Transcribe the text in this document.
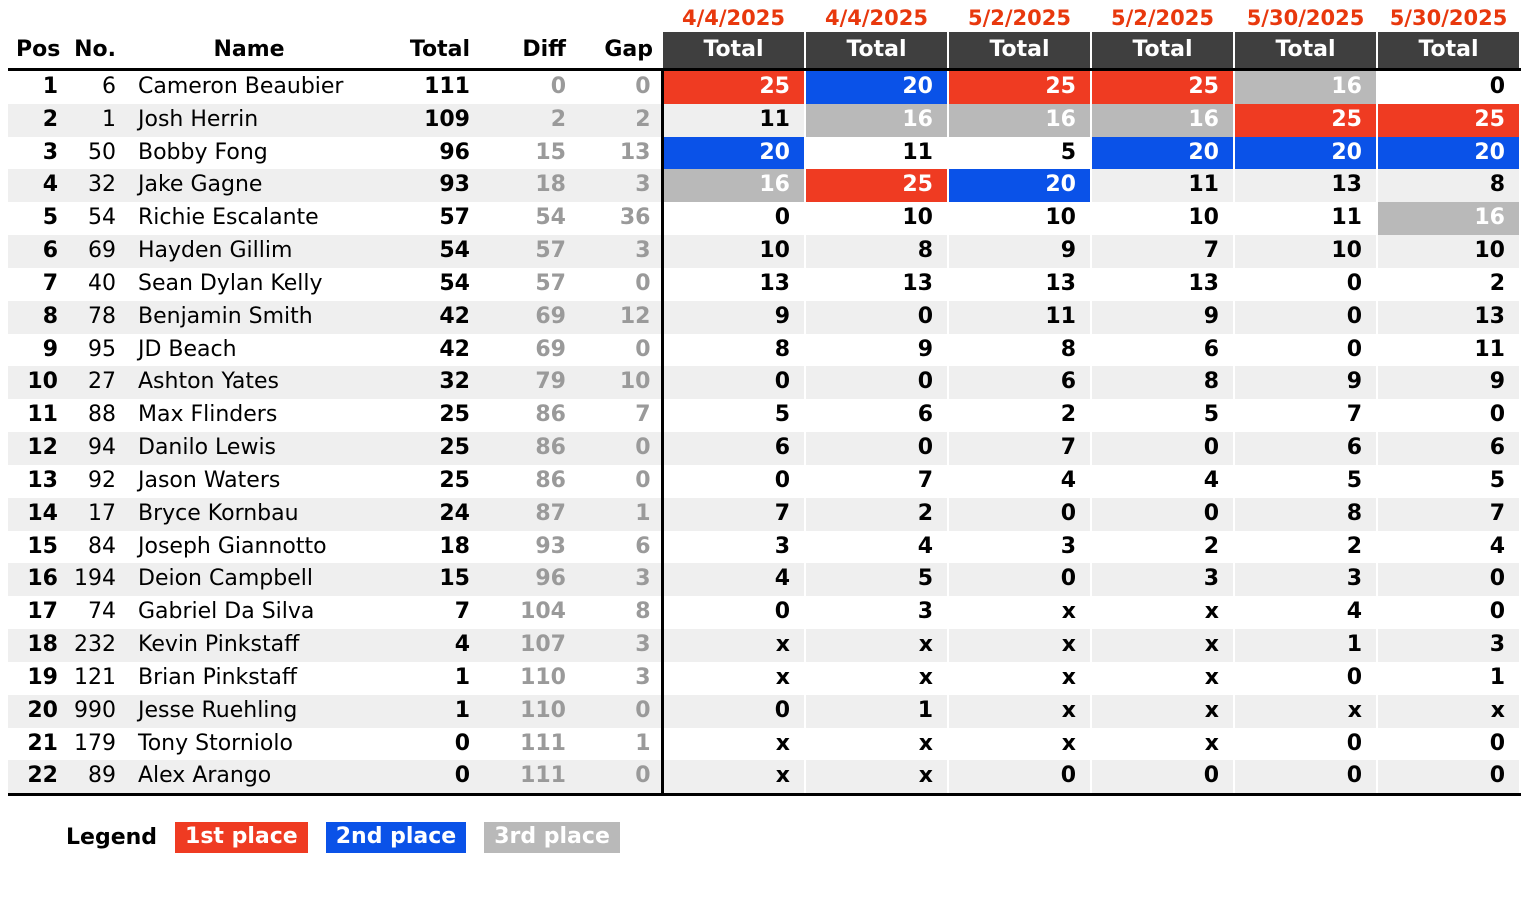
						4/4/2025	4/4/2025	5/2/2025	5/2/2025	5/30/2025	5/30/2025
Pos	No.	Name	Total	Diff	Gap	Total	Total	Total	Total	Total	Total
1	6	Cameron Beaubier	111	0	0	25	20	25	25	16	0
2	1	Josh Herrin	109	2	2	11	16	16	16	25	25
3	50	Bobby Fong	96	15	13	20	11	5	20	20	20
4	32	Jake Gagne	93	18	3	16	25	20	11	13	8
5	54	Richie Escalante	57	54	36	0	10	10	10	11	16
6	69	Hayden Gillim	54	57	3	10	8	9	7	10	10
7	40	Sean Dylan Kelly	54	57	0	13	13	13	13	0	2
8	78	Benjamin Smith	42	69	12	9	0	11	9	0	13
9	95	JD Beach	42	69	0	8	9	8	6	0	11
10	27	Ashton Yates	32	79	10	0	0	6	8	9	9
11	88	Max Flinders	25	86	7	5	6	2	5	7	0
12	94	Danilo Lewis	25	86	0	6	0	7	0	6	6
13	92	Jason Waters	25	86	0	0	7	4	4	5	5
14	17	Bryce Kornbau	24	87	1	7	2	0	0	8	7
15	84	Joseph Giannotto	18	93	6	3	4	3	2	2	4
16	194	Deion Campbell	15	96	3	4	5	0	3	3	0
17	74	Gabriel Da Silva	7	104	8	0	3	x	x	4	0
18	232	Kevin Pinkstaff	4	107	3	x	x	x	x	1	3
19	121	Brian Pinkstaff	1	110	3	x	x	x	x	0	1
20	990	Jesse Ruehling	1	110	0	0	1	x	x	x	x
21	179	Tony Storniolo	0	111	1	x	x	x	x	0	0
22	89	Alex Arango	0	111	0	x	x	0	0	0	0
Legend	1st place	2nd place	3rd place
